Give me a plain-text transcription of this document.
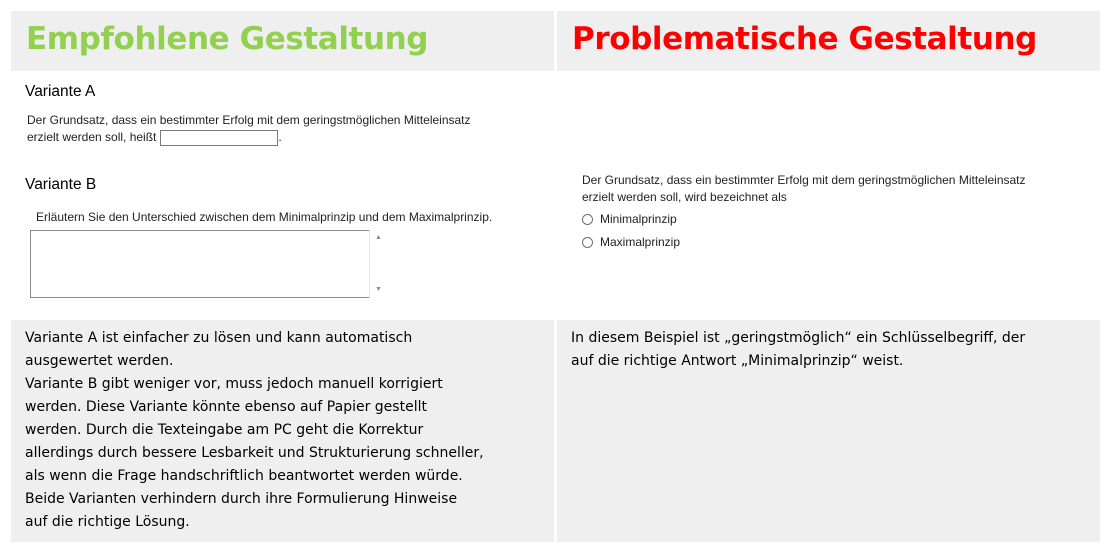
Empfohlene Gestaltung	Problematische Gestaltung
Variante A
Der Grundsatz, dass ein bestimmter Erfolg mit dem geringstmöglichen Mitteleinsatz
erzielt werden soll, heißt	.
Variante B
Erläutern Sie den Unterschied zwischen dem Minimalprinzip und dem Maximalprinzip.
▲
▼
Der Grundsatz, dass ein bestimmter Erfolg mit dem geringstmöglichen Mitteleinsatz
erzielt werden soll, wird bezeichnet als
Minimalprinzip
Maximalprinzip
Variante A ist einfacher zu lösen und kann automatisch
ausgewertet werden.
Variante B gibt weniger vor, muss jedoch manuell korrigiert
werden. Diese Variante könnte ebenso auf Papier gestellt
werden. Durch die Texteingabe am PC geht die Korrektur
allerdings durch bessere Lesbarkeit und Strukturierung schneller,
als wenn die Frage handschriftlich beantwortet werden würde.
Beide Varianten verhindern durch ihre Formulierung Hinweise
auf die richtige Lösung.
In diesem Beispiel ist „geringstmöglich“ ein Schlüsselbegriff, der
auf die richtige Antwort „Minimalprinzip“ weist.
